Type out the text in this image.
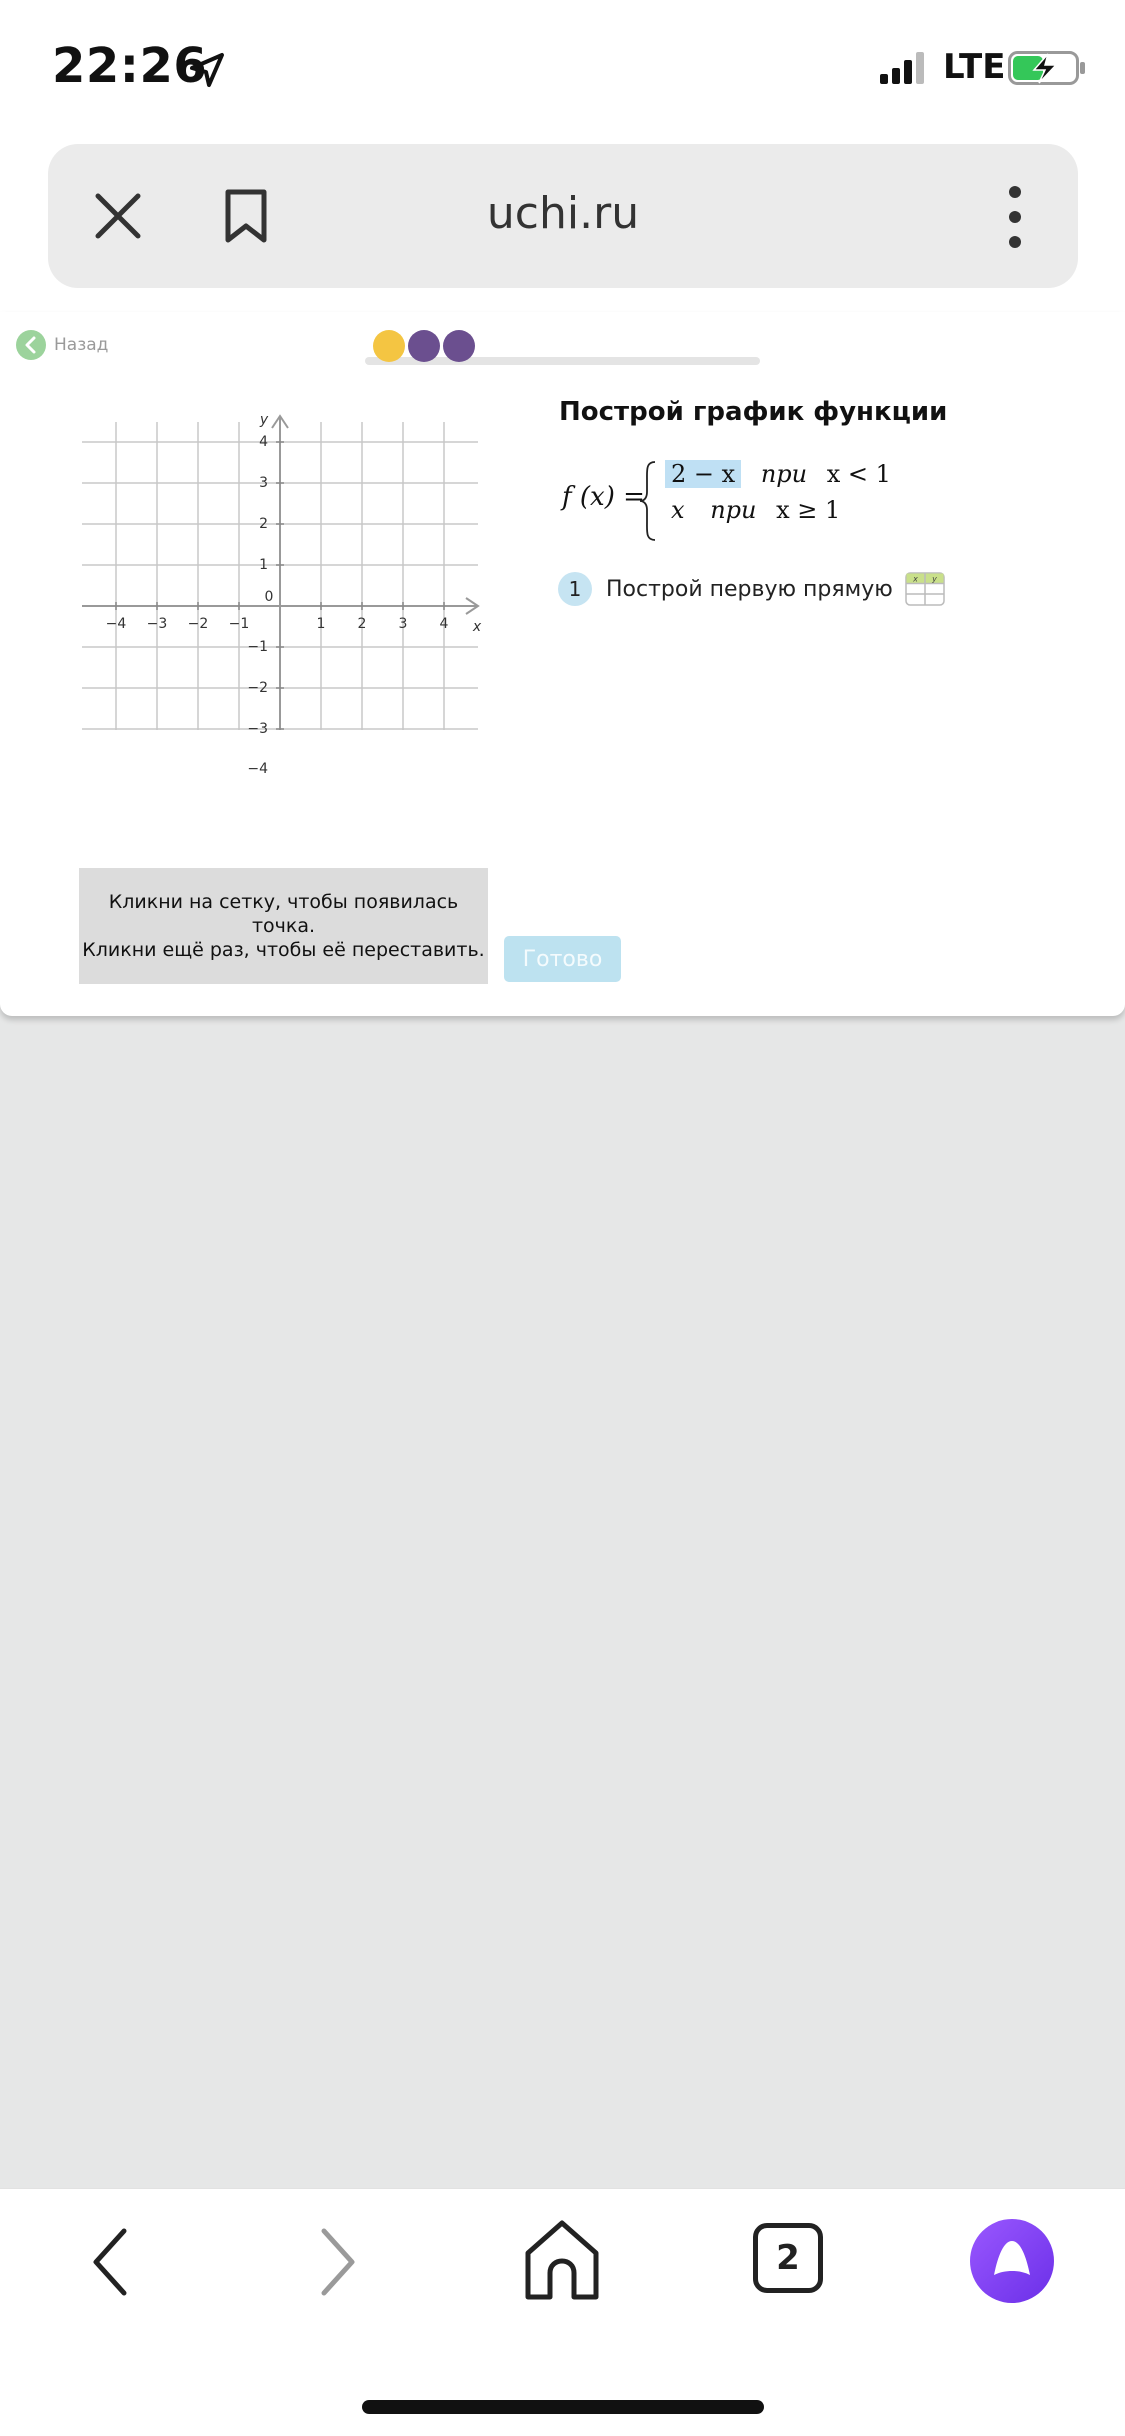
22:26	LTE
uchi.ru
Назад
−4 −3 −2 −1	1 2 3 4
4
3
2
1
−1
−2
−3
−4
0
x
y
Кликни на сетку, чтобы появилась точка.
Кликни ещё раз, чтобы её переставить.	Готово
Построй график функции
f (x) =
2 − x при x < 1
x при x ≥ 1
1	Построй первую прямую	x y
2
